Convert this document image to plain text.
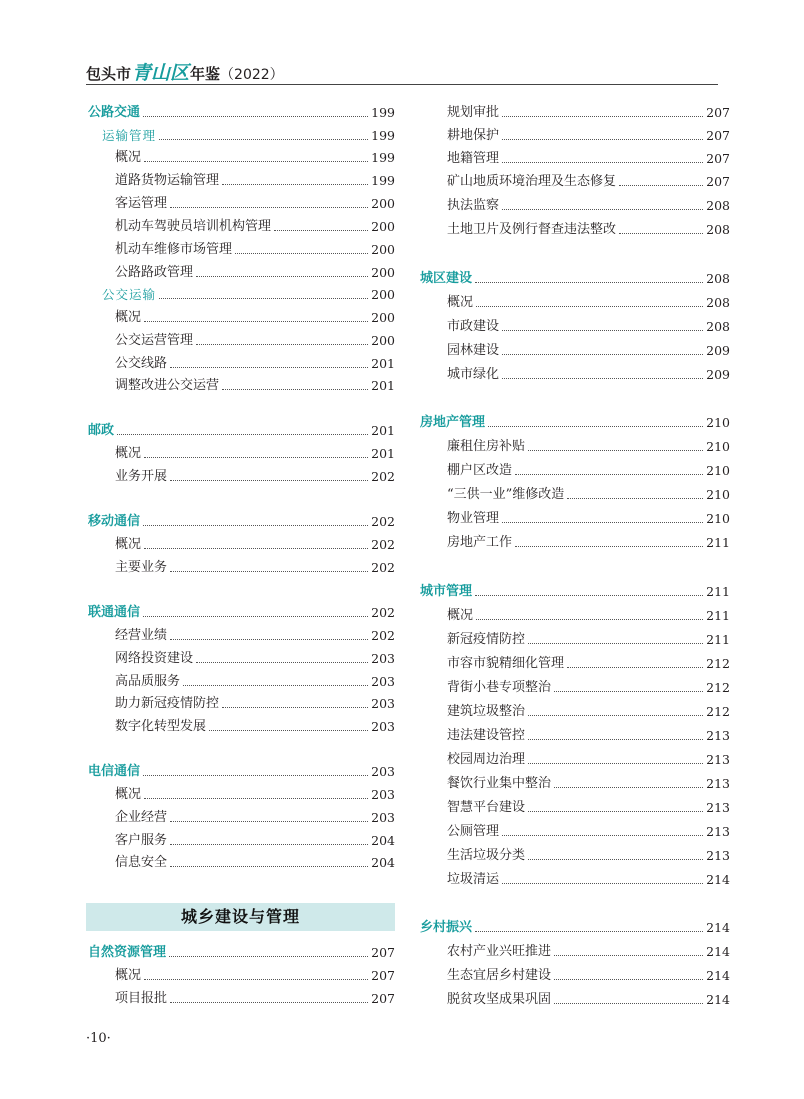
包头市 青山区 年鉴 （2022）
公路交通	199
运输管理	199
概况	199
道路货物运输管理	199
客运管理	200
机动车驾驶员培训机构管理	200
机动车维修市场管理	200
公路路政管理	200
公交运输	200
概况	200
公交运营管理	200
公交线路	201
调整改进公交运营	201
邮政	201
概况	201
业务开展	202
移动通信	202
概况	202
主要业务	202
联通通信	202
经营业绩	202
网络投资建设	203
高品质服务	203
助力新冠疫情防控	203
数字化转型发展	203
电信通信	203
概况	203
企业经营	203
客户服务	204
信息安全	204
自然资源管理	207
概况	207
项目报批	207
规划审批	207
耕地保护	207
地籍管理	207
矿山地质环境治理及生态修复	207
执法监察	208
土地卫片及例行督查违法整改	208
城区建设	208
概况	208
市政建设	208
园林建设	209
城市绿化	209
房地产管理	210
廉租住房补贴	210
棚户区改造	210
“三供一业”维修改造	210
物业管理	210
房地产工作	211
城市管理	211
概况	211
新冠疫情防控	211
市容市貌精细化管理	212
背街小巷专项整治	212
建筑垃圾整治	212
违法建设管控	213
校园周边治理	213
餐饮行业集中整治	213
智慧平台建设	213
公厕管理	213
生活垃圾分类	213
垃圾清运	214
乡村振兴	214
农村产业兴旺推进	214
生态宜居乡村建设	214
脱贫攻坚成果巩固	214
城乡建设与管理
·10·
